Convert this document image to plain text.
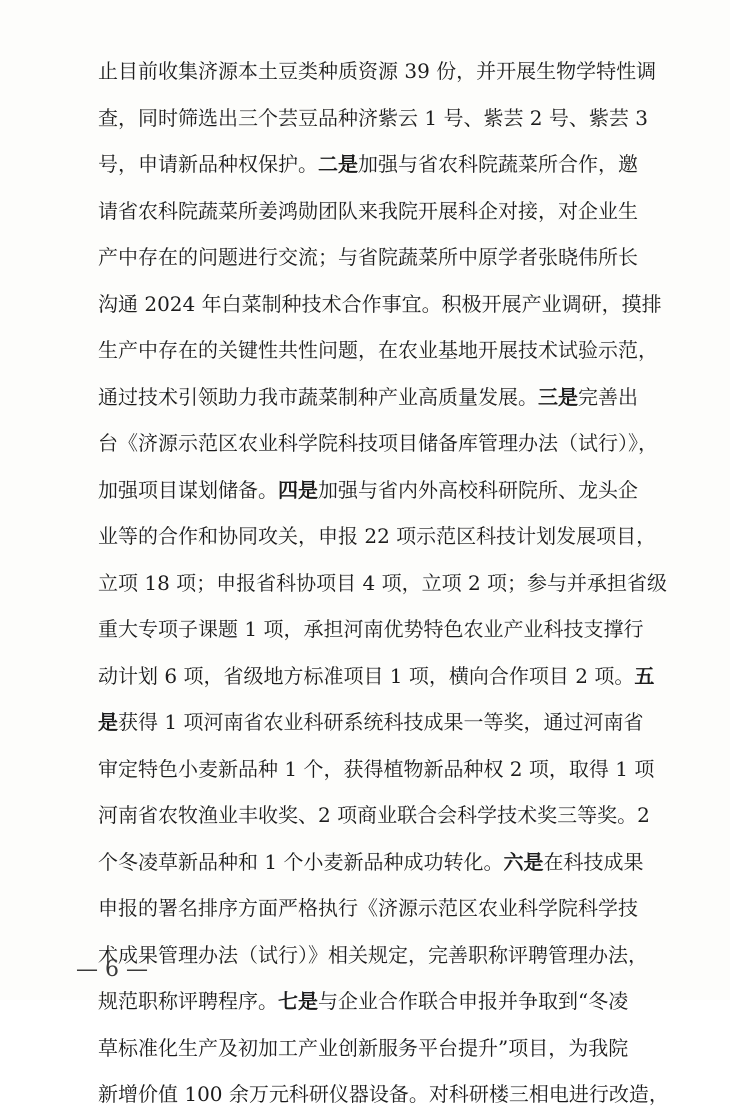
止目前收集济源本土豆类种质资源 39 份，并开展生物学特性调
查，同时筛选出三个芸豆品种济紫云 1 号、紫芸 2 号、紫芸 3
号，申请新品种权保护。二是加强与省农科院蔬菜所合作，邀
请省农科院蔬菜所姜鸿勋团队来我院开展科企对接，对企业生
产中存在的问题进行交流；与省院蔬菜所中原学者张晓伟所长
沟通 2024 年白菜制种技术合作事宜。积极开展产业调研，摸排
生产中存在的关键性共性问题，在农业基地开展技术试验示范，
通过技术引领助力我市蔬菜制种产业高质量发展。三是完善出
台《济源示范区农业科学院科技项目储备库管理办法（试行）》，
加强项目谋划储备。四是加强与省内外高校科研院所、龙头企
业等的合作和协同攻关，申报 22 项示范区科技计划发展项目，
立项 18 项；申报省科协项目 4 项，立项 2 项；参与并承担省级
重大专项子课题 1 项，承担河南优势特色农业产业科技支撑行
动计划 6 项，省级地方标准项目 1 项，横向合作项目 2 项。五
是获得 1 项河南省农业科研系统科技成果一等奖，通过河南省
审定特色小麦新品种 1 个，获得植物新品种权 2 项，取得 1 项
河南省农牧渔业丰收奖、2 项商业联合会科学技术奖三等奖。2
个冬凌草新品种和 1 个小麦新品种成功转化。六是在科技成果
申报的署名排序方面严格执行《济源示范区农业科学院科学技
术成果管理办法（试行）》相关规定，完善职称评聘管理办法，
规范职称评聘程序。七是与企业合作联合申报并争取到“冬凌
草标准化生产及初加工产业创新服务平台提升”项目，为我院
新增价值 100 余万元科研仪器设备。对科研楼三相电进行改造，
— 6 —
